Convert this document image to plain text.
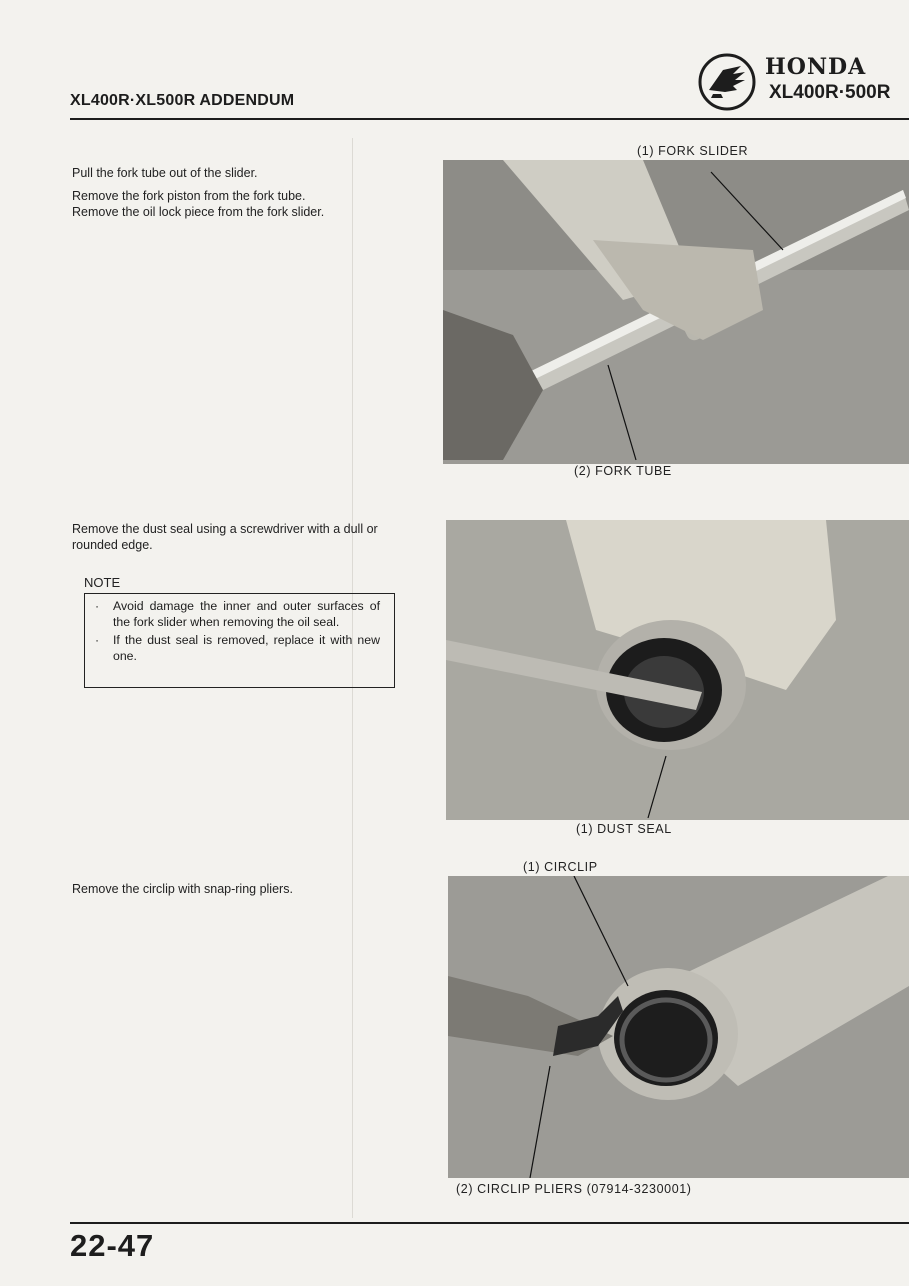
XL400R·XL500R ADDENDUM
HONDA
XL400R·500R
Pull the fork tube out of the slider.
Remove the fork piston from the fork tube.
Remove the oil lock piece from the fork slider.
(1) FORK SLIDER
(2) FORK TUBE
Remove the dust seal using a screwdriver with a dull or rounded edge.
NOTE
· Avoid damage the inner and outer surfaces of the fork slider when removing the oil seal.
· If the dust seal is removed, replace it with new one.
(1) DUST SEAL
(1) CIRCLIP
Remove the circlip with snap-ring pliers.
(2) CIRCLIP PLIERS (07914-3230001)
22-47
